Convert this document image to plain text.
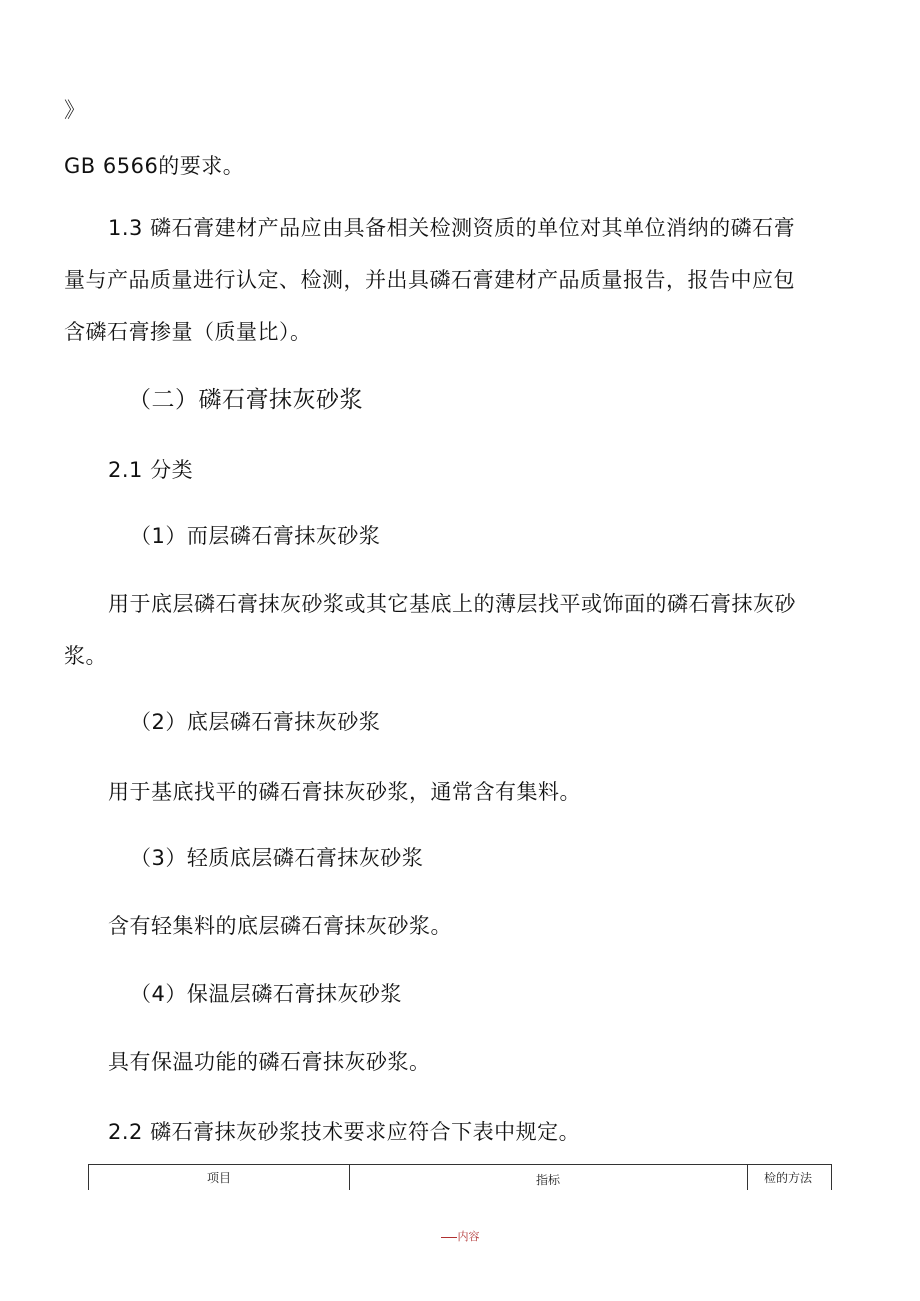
》
GB 6566的要求。
1.3 磷石膏建材产品应由具备相关检测资质的单位对其单位消纳的磷石膏
量与产品质量进行认定、检测，并出具磷石膏建材产品质量报告，报告中应包
含磷石膏掺量（质量比）。
（二）磷石膏抹灰砂浆
2.1 分类
（1）而层磷石膏抹灰砂浆
用于底层磷石膏抹灰砂浆或其它基底上的薄层找平或饰面的磷石膏抹灰砂
浆。
（2）底层磷石膏抹灰砂浆
用于基底找平的磷石膏抹灰砂浆，通常含有集料。
（3）轻质底层磷石膏抹灰砂浆
含有轻集料的底层磷石膏抹灰砂浆。
（4）保温层磷石膏抹灰砂浆
具有保温功能的磷石膏抹灰砂浆。
2.2 磷石膏抹灰砂浆技术要求应符合下表中规定。
项目	指标	检的方法
内容
